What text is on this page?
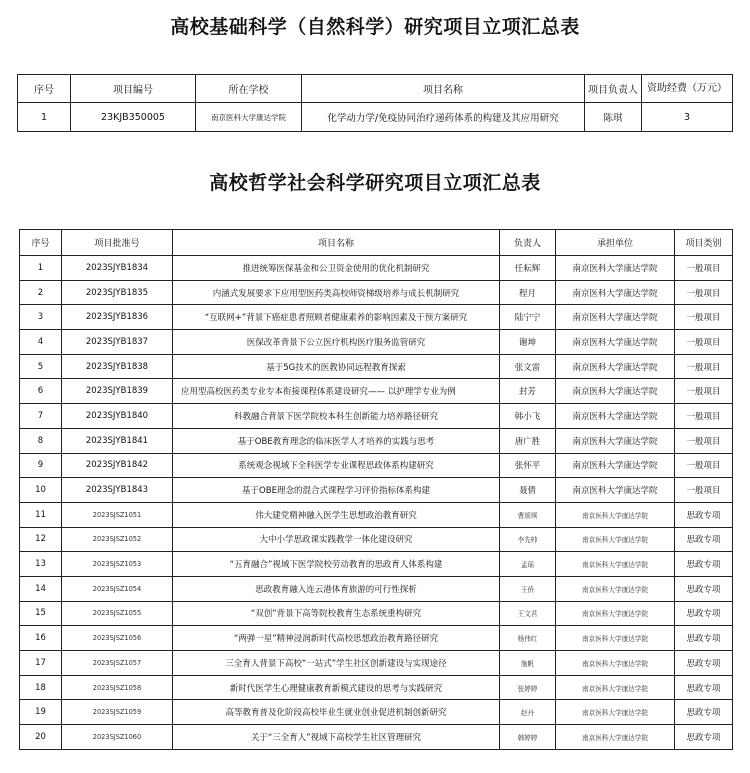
高校基础科学（自然科学）研究项目立项汇总表
序号	项目编号	所在学校	项目名称	项目负责人	资助经费（万元）
1	23KJB350005	南京医科大学康达学院	化学动力学/免疫协同治疗递药体系的构建及其应用研究	陈琪	3
高校哲学社会科学研究项目立项汇总表
序号	项目批准号	项目名称	负责人	承担单位	项目类别
1	2023SJYB1834	推进统筹医保基金和公卫资金使用的优化机制研究	任耘辉	南京医科大学康达学院	一般项目
2	2023SJYB1835	内涵式发展要求下应用型医药类高校师资梯级培养与成长机制研究	程月	南京医科大学康达学院	一般项目
3	2023SJYB1836	“互联网+”背景下癌症患者照顾者健康素养的影响因素及干预方案研究	陆宁宁	南京医科大学康达学院	一般项目
4	2023SJYB1837	医保改革背景下公立医疗机构医疗服务监管研究	谢坤	南京医科大学康达学院	一般项目
5	2023SJYB1838	基于5G技术的医教协同远程教育探索	张文雷	南京医科大学康达学院	一般项目
6	2023SJYB1839	应用型高校医药类专业专本衔接课程体系建设研究—— 以护理学专业为例	封芳	南京医科大学康达学院	一般项目
7	2023SJYB1840	科教融合背景下医学院校本科生创新能力培养路径研究	韩小飞	南京医科大学康达学院	一般项目
8	2023SJYB1841	基于OBE教育理念的临床医学人才培养的实践与思考	唐广胜	南京医科大学康达学院	一般项目
9	2023SJYB1842	系统观念视域下全科医学专业课程思政体系构建研究	张怀平	南京医科大学康达学院	一般项目
10	2023SJYB1843	基于OBE理念的混合式课程学习评价指标体系构建	聂倩	南京医科大学康达学院	一般项目
11	2023SJSZ1051	伟大建党精神融入医学生思想政治教育研究	曹颂琪	南京医科大学康达学院	思政专项
12	2023SJSZ1052	大中小学思政课实践教学一体化建设研究	李先帅	南京医科大学康达学院	思政专项
13	2023SJSZ1053	“五育融合”视域下医学院校劳动教育的思政育人体系构建	孟瑶	南京医科大学康达学院	思政专项
14	2023SJSZ1054	思政教育融入连云港体育旅游的可行性探析	王侨	南京医科大学康达学院	思政专项
15	2023SJSZ1055	“双创”背景下高等院校教育生态系统重构研究	王文君	南京医科大学康达学院	思政专项
16	2023SJSZ1056	“两弹一星”精神浸润新时代高校思想政治教育路径研究	杨伟红	南京医科大学康达学院	思政专项
17	2023SJSZ1057	三全育人背景下高校“一站式”学生社区创新建设与实现途径	施帆	南京医科大学康达学院	思政专项
18	2023SJSZ1058	新时代医学生心理健康教育新模式建设的思考与实践研究	张婷婷	南京医科大学康达学院	思政专项
19	2023SJSZ1059	高等教育普及化阶段高校毕业生就业创业促进机制创新研究	赵丹	南京医科大学康达学院	思政专项
20	2023SJSZ1060	关于“三全育人”视域下高校学生社区管理研究	韩婷婷	南京医科大学康达学院	思政专项
